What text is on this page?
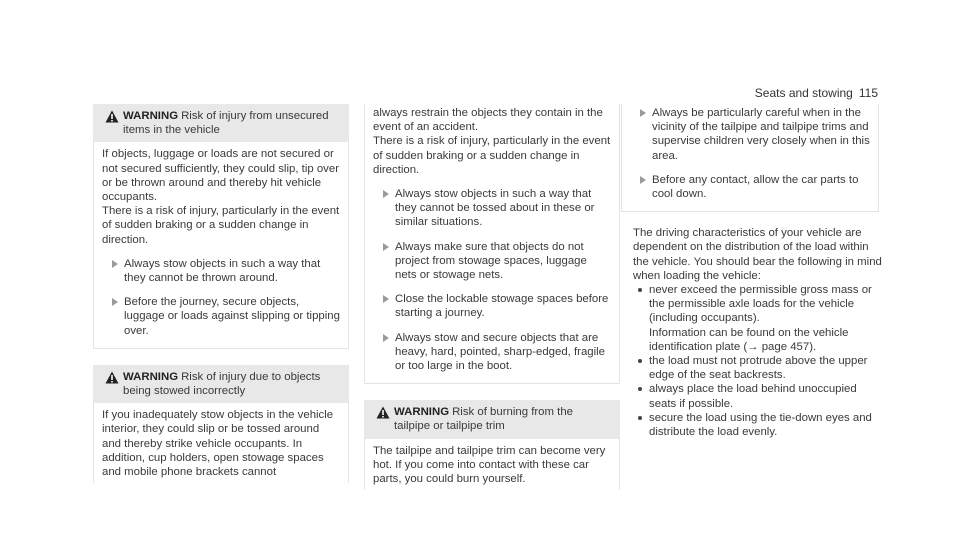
Seats and stowing 115
WARNING Risk of injury from unsecured items in the vehicle

If objects, luggage or loads are not secured or not secured sufficiently, they could slip, tip over or be thrown around and thereby hit vehicle occupants.

There is a risk of injury, particularly in the event of sudden braking or a sudden change in direction.

Always stow objects in such a way that they cannot be thrown around.

Before the journey, secure objects, luggage or loads against slipping or tipping over.

WARNING Risk of injury due to objects being stowed incorrectly

If you inadequately stow objects in the vehicle interior, they could slip or be tossed around and thereby strike vehicle occupants. In addition, cup holders, open stowage spaces and mobile phone brackets cannot

always restrain the objects they contain in the event of an accident.

There is a risk of injury, particularly in the event of sudden braking or a sudden change in direction.

Always stow objects in such a way that they cannot be tossed about in these or similar situations.

Always make sure that objects do not project from stowage spaces, luggage nets or stowage nets.

Close the lockable stowage spaces before starting a journey.

Always stow and secure objects that are heavy, hard, pointed, sharp-edged, fragile or too large in the boot.

WARNING Risk of burning from the tailpipe or tailpipe trim

The tailpipe and tailpipe trim can become very hot. If you come into contact with these car parts, you could burn yourself.

Always be particularly careful when in the vicinity of the tailpipe and tailpipe trims and supervise children very closely when in this area.

Before any contact, allow the car parts to cool down.

The driving characteristics of your vehicle are dependent on the distribution of the load within the vehicle. You should bear the following in mind when loading the vehicle:

never exceed the permissible gross mass or the permissible axle loads for the vehicle (including occupants).

Information can be found on the vehicle identification plate (→ page 457).

the load must not protrude above the upper edge of the seat backrests.

always place the load behind unoccupied seats if possible.

secure the load using the tie-down eyes and distribute the load evenly.
